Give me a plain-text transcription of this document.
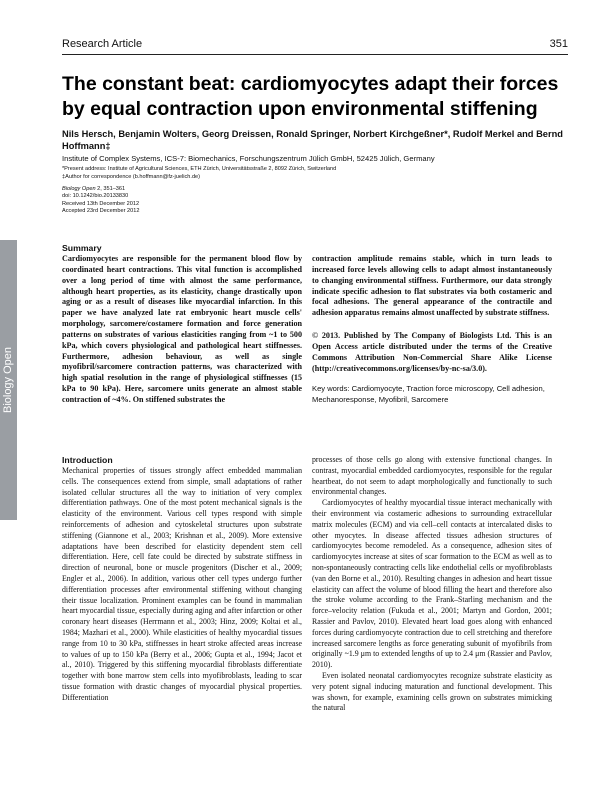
Biology Open
Research Article	351
The constant beat: cardiomyocytes adapt their forces by equal contraction upon environmental stiffening
Nils Hersch, Benjamin Wolters, Georg Dreissen, Ronald Springer, Norbert Kirchgeßner*, Rudolf Merkel and Bernd Hoffmann‡
Institute of Complex Systems, ICS-7: Biomechanics, Forschungszentrum Jülich GmbH, 52425 Jülich, Germany
*Present address: Institute of Agricultural Sciences, ETH Zürich, Universitätsstraße 2, 8092 Zürich, Switzerland
‡Author for correspondence (b.hoffmann@fz-juelich.de)
Biology Open 2, 351–361
doi: 10.1242/bio.20133830
Received 13th December 2012
Accepted 23rd December 2012
Summary
Cardiomyocytes are responsible for the permanent blood flow by coordinated heart contractions. This vital function is accomplished over a long period of time with almost the same performance, although heart properties, as its elasticity, change drastically upon aging or as a result of diseases like myocardial infarction. In this paper we have analyzed late rat embryonic heart muscle cells' morphology, sarcomere/costamere formation and force generation patterns on substrates of various elasticities ranging from ~1 to 500 kPa, which covers physiological and pathological heart stiffnesses. Furthermore, adhesion behaviour, as well as single myofibril/sarcomere contraction patterns, was characterized with high spatial resolution in the range of physiological stiffnesses (15 kPa to 90 kPa). Here, sarcomere units generate an almost stable contraction of ~4%. On stiffened substrates the
contraction amplitude remains stable, which in turn leads to increased force levels allowing cells to adapt almost instantaneously to changing environmental stiffness. Furthermore, our data strongly indicate specific adhesion to flat substrates via both costameric and focal adhesions. The general appearance of the contractile and adhesion apparatus remains almost unaffected by substrate stiffness.
© 2013. Published by The Company of Biologists Ltd. This is an Open Access article distributed under the terms of the Creative Commons Attribution Non-Commercial Share Alike License (http://creativecommons.org/licenses/by-nc-sa/3.0).
Key words: Cardiomyocyte, Traction force microscopy, Cell adhesion, Mechanoresponse, Myofibril, Sarcomere
Introduction

Mechanical properties of tissues strongly affect embedded mammalian cells. The consequences extend from simple, small adaptations of rather isolated cellular structures all the way to initiation of very complex differentiation pathways. One of the most potent mechanical signals is the elasticity of the environment. Various cell types respond with simple reinforcements of adhesion and cytoskeletal structures upon substrate stiffening (Giannone et al., 2003; Krishnan et al., 2009). More extensive adaptations have been described for elasticity dependent stem cell differentiation. Here, cell fate could be directed by substrate stiffness in direction of neuronal, bone or muscle progenitors (Discher et al., 2009; Engler et al., 2006). In addition, various other cell types undergo further differentiation processes after environmental stiffening without changing their tissue localization. Prominent examples can be found in mammalian heart myocardial tissue, especially during aging and after infarction or other coronary heart diseases (Herrmann et al., 2003; Hinz, 2009; Koltai et al., 1984; Mazhari et al., 2000). While elasticities of healthy myocardial tissues range from 10 to 30 kPa, stiffnesses in heart stroke affected areas increase to values of up to 150 kPa (Berry et al., 2006; Gupta et al., 1994; Jacot et al., 2010). Triggered by this stiffening myocardial fibroblasts differentiate together with bone marrow stem cells into myofibroblasts, leading to scar tissue formation with drastic changes of myocardial physical properties. Differentiation

processes of those cells go along with extensive functional changes. In contrast, myocardial embedded cardiomyocytes, responsible for the regular heartbeat, do not seem to adapt morphologically and functionally to such environmental changes.

Cardiomyocytes of healthy myocardial tissue interact mechanically with their environment via costameric adhesions to surrounding extracellular matrix molecules (ECM) and via cell–cell contacts at intercalated disks to other myocytes. In disease affected tissues adhesion structures of cardiomyocytes become remodeled. As a consequence, adhesion sites of cardiomyocytes increase at sites of scar formation to the ECM as well as to non-spontaneously contracting cells like endothelial cells or myofibroblasts (van den Borne et al., 2010). Resulting changes in adhesion and heart tissue elasticity can affect the volume of blood filling the heart and therefore also the stroke volume according to the Frank–Starling mechanism and the force–velocity relation (Fukuda et al., 2001; Martyn and Gordon, 2001; Rassier and Pavlov, 2010). Elevated heart load goes along with enhanced forces during cardiomyocyte contraction due to cell stretching and therefore increased sarcomere lengths as force generating subunit of myofibrils from originally ~1.9 μm to extended lengths of up to 2.4 μm (Rassier and Pavlov, 2010).

Even isolated neonatal cardiomyocytes recognize substrate elasticity as very potent signal inducing maturation and functional development. This was shown, for example, examining cells grown on substrates mimicking the natural
